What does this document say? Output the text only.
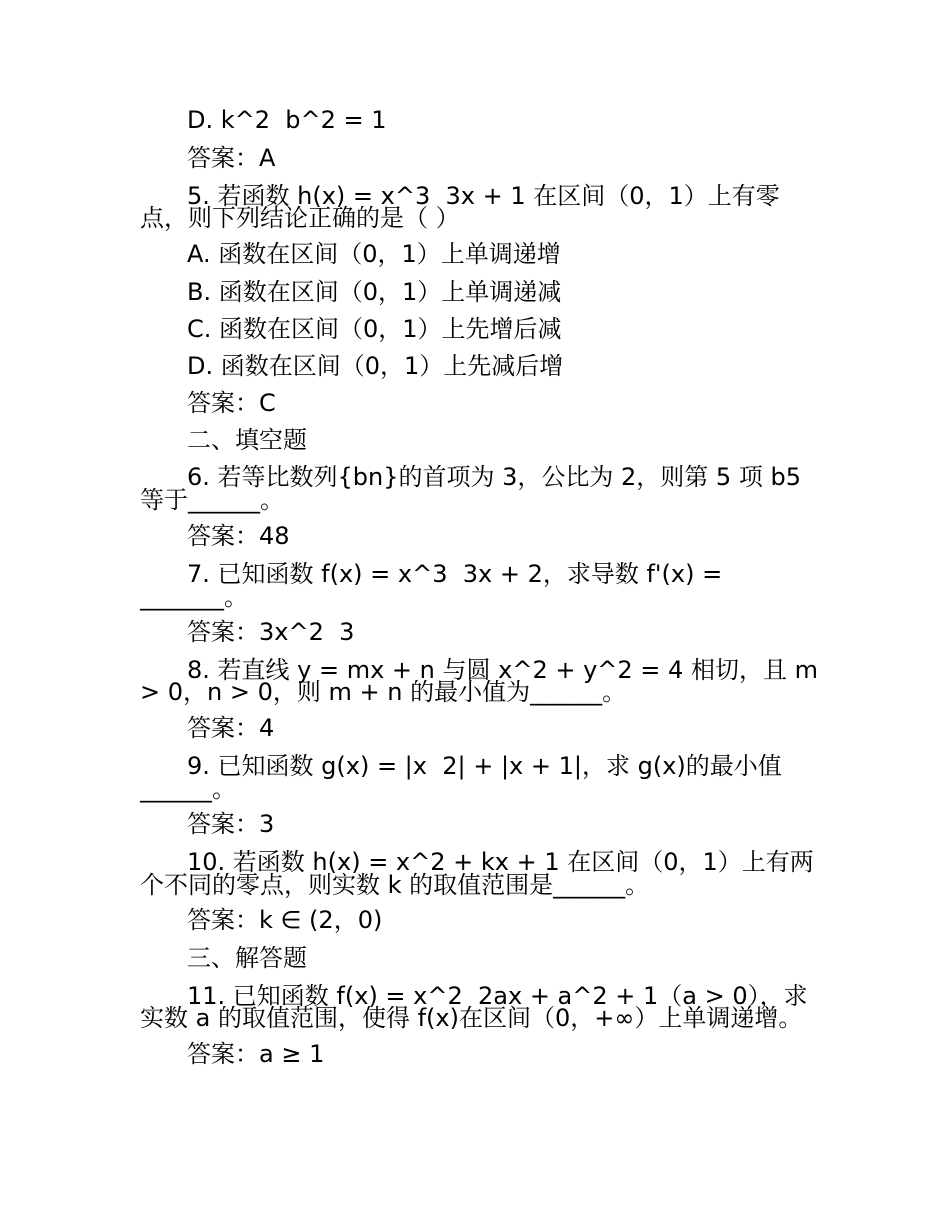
D. k^2  b^2 = 1
答案：A
5. 若函数 h(x) = x^3  3x + 1 在区间（0，1）上有零
点，则下列结论正确的是（ ）
A. 函数在区间（0，1）上单调递增
B. 函数在区间（0，1）上单调递减
C. 函数在区间（0，1）上先增后减
D. 函数在区间（0，1）上先减后增
答案：C
二、填空题
6. 若等比数列{bn}的首项为 3，公比为 2，则第 5 项 b5
等于______。
答案：48
7. 已知函数 f(x) = x^3  3x + 2，求导数 f'(x) =
_______。
答案：3x^2  3
8. 若直线 y = mx + n 与圆 x^2 + y^2 = 4 相切，且 m
> 0，n > 0，则 m + n 的最小值为______。
答案：4
9. 已知函数 g(x) = |x  2| + |x + 1|，求 g(x)的最小值
______。
答案：3
10. 若函数 h(x) = x^2 + kx + 1 在区间（0，1）上有两
个不同的零点，则实数 k 的取值范围是______。
答案：k ∈ (2，0)
三、解答题
11. 已知函数 f(x) = x^2  2ax + a^2 + 1（a > 0），求
实数 a 的取值范围，使得 f(x)在区间（0，+∞）上单调递增。
答案：a ≥ 1
